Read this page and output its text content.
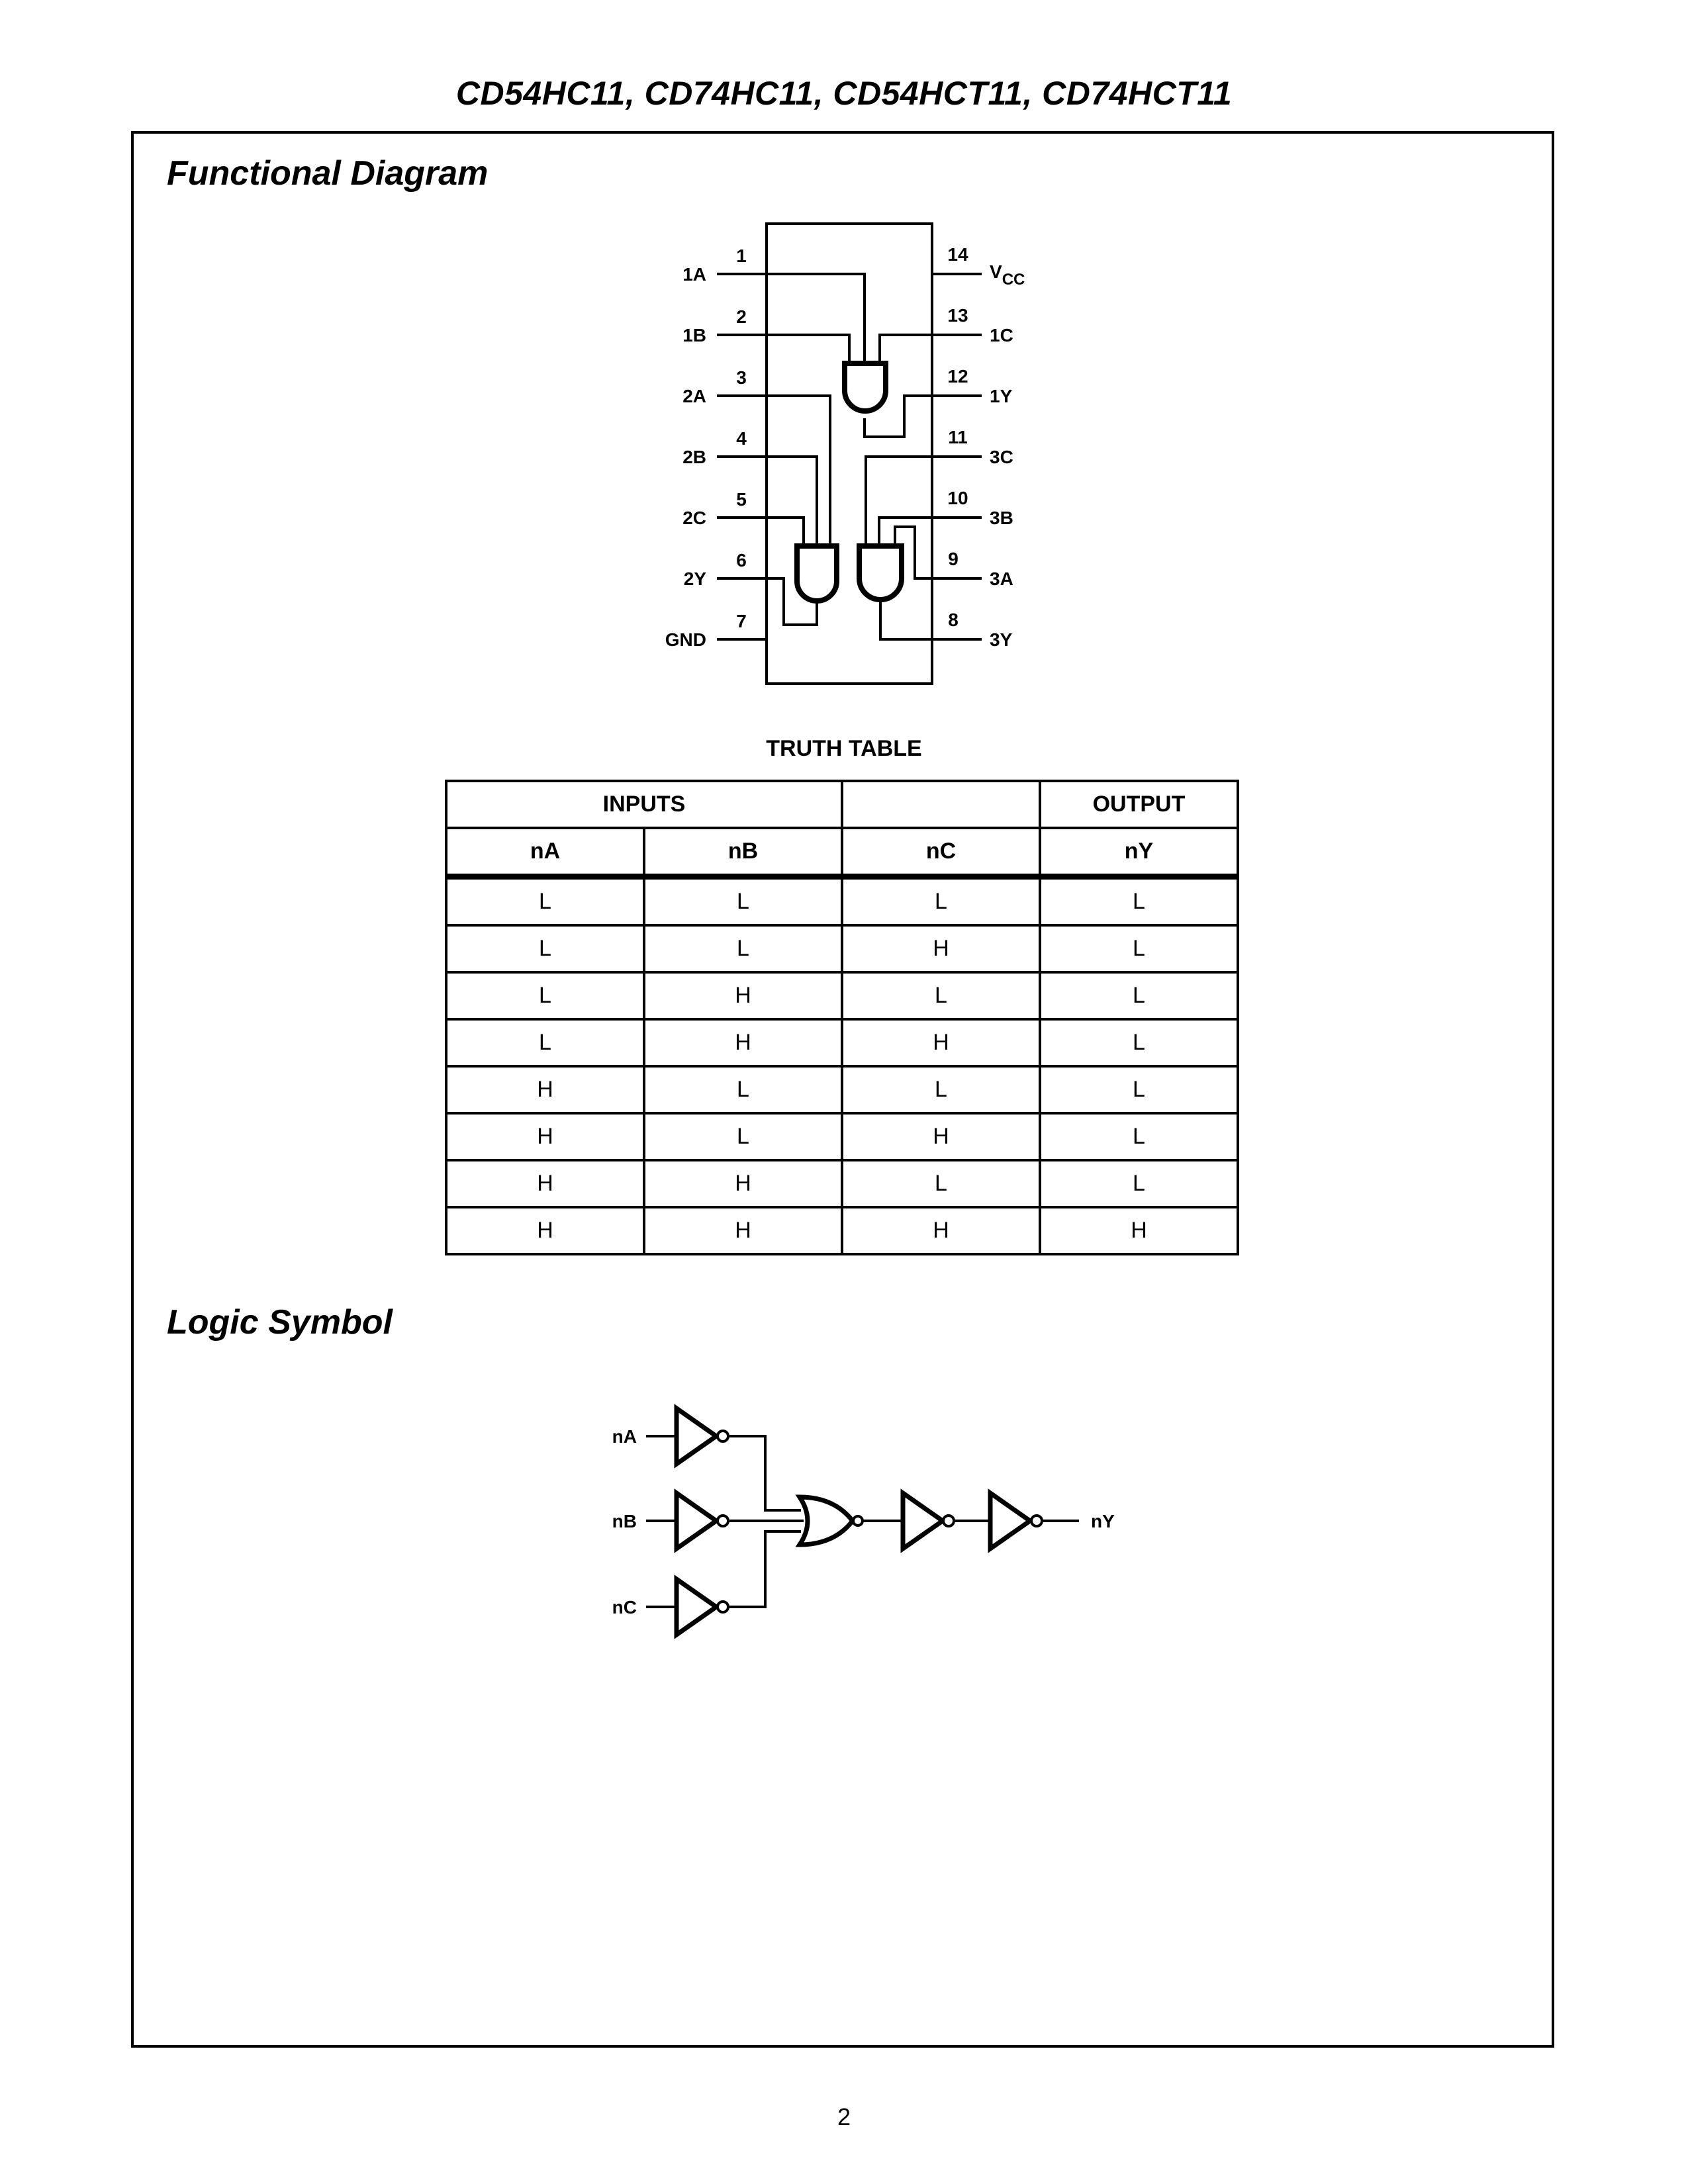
CD54HC11, CD74HC11, CD54HCT11, CD74HCT11
Functional Diagram
1
1A
2
1B
3
2A
4
2B
5
2C
6
2Y
7
GND
14
VCC
13
1C
12
1Y
11
3C
10
3B
9
3A
8
3Y
TRUTH TABLE
INPUTS			OUTPUT
nA	nB	nC	nY
L	L	L	L
L	L	H	L
L	H	L	L
L	H	H	L
H	L	L	L
H	L	H	L
H	H	L	L
H	H	H	H
Logic Symbol
nA
nB
nC
nY
2
